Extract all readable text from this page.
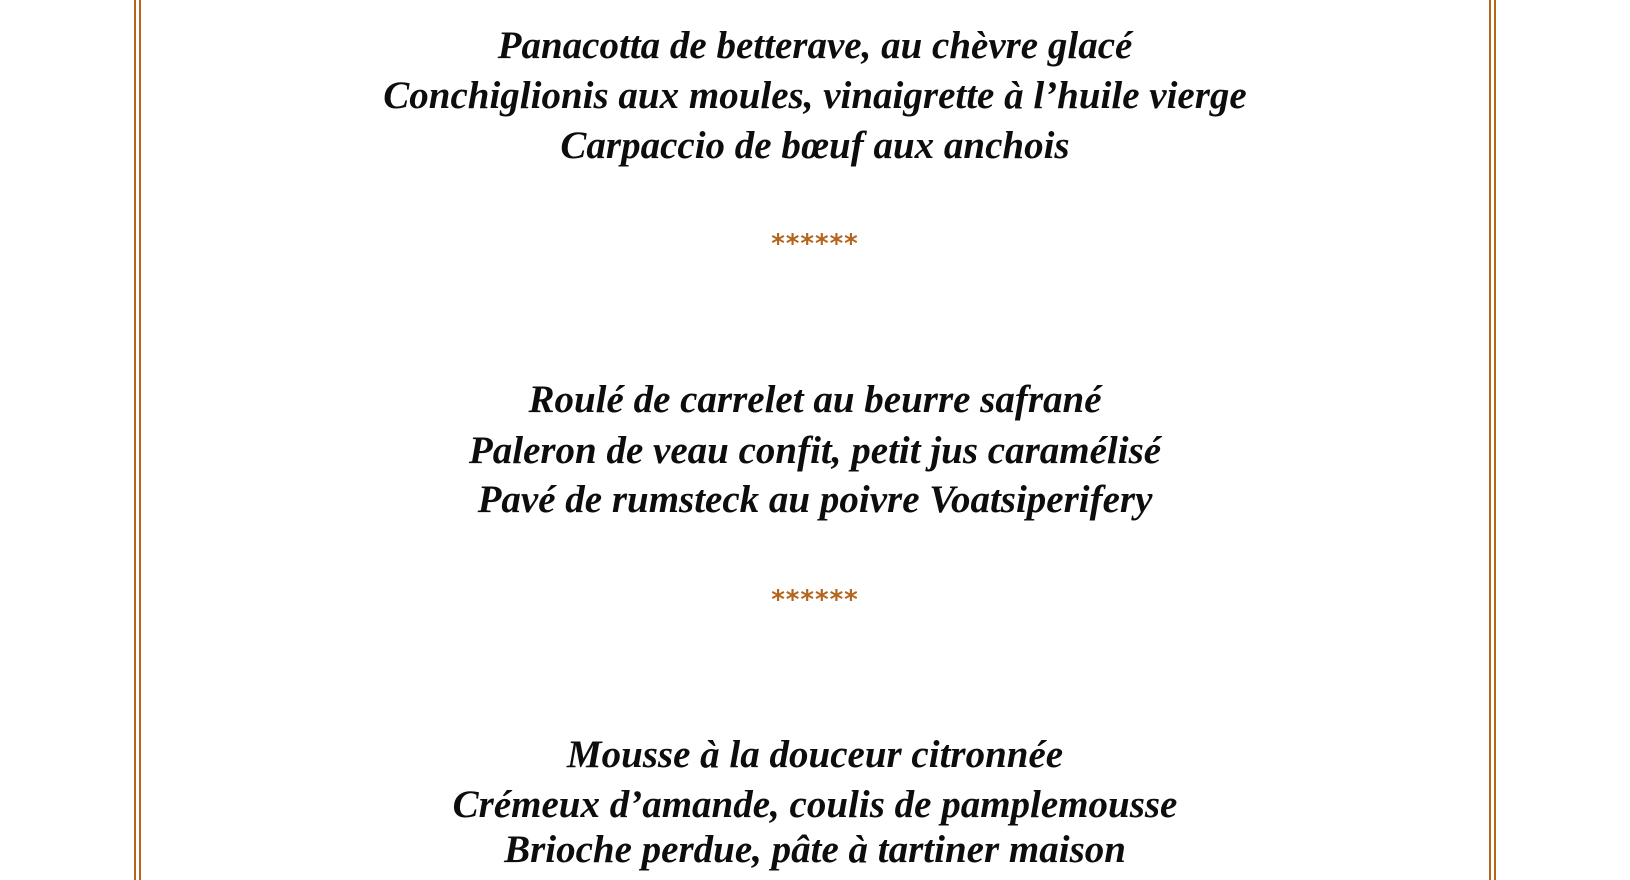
Panacotta de betterave, au chèvre glacé
Conchiglionis aux moules, vinaigrette à l’huile vierge
Carpaccio de bœuf aux anchois
******
Roulé de carrelet au beurre safrané
Paleron de veau confit, petit jus caramélisé
Pavé de rumsteck au poivre Voatsiperifery
******
Mousse à la douceur citronnée
Crémeux d’amande, coulis de pamplemousse
Brioche perdue, pâte à tartiner maison
